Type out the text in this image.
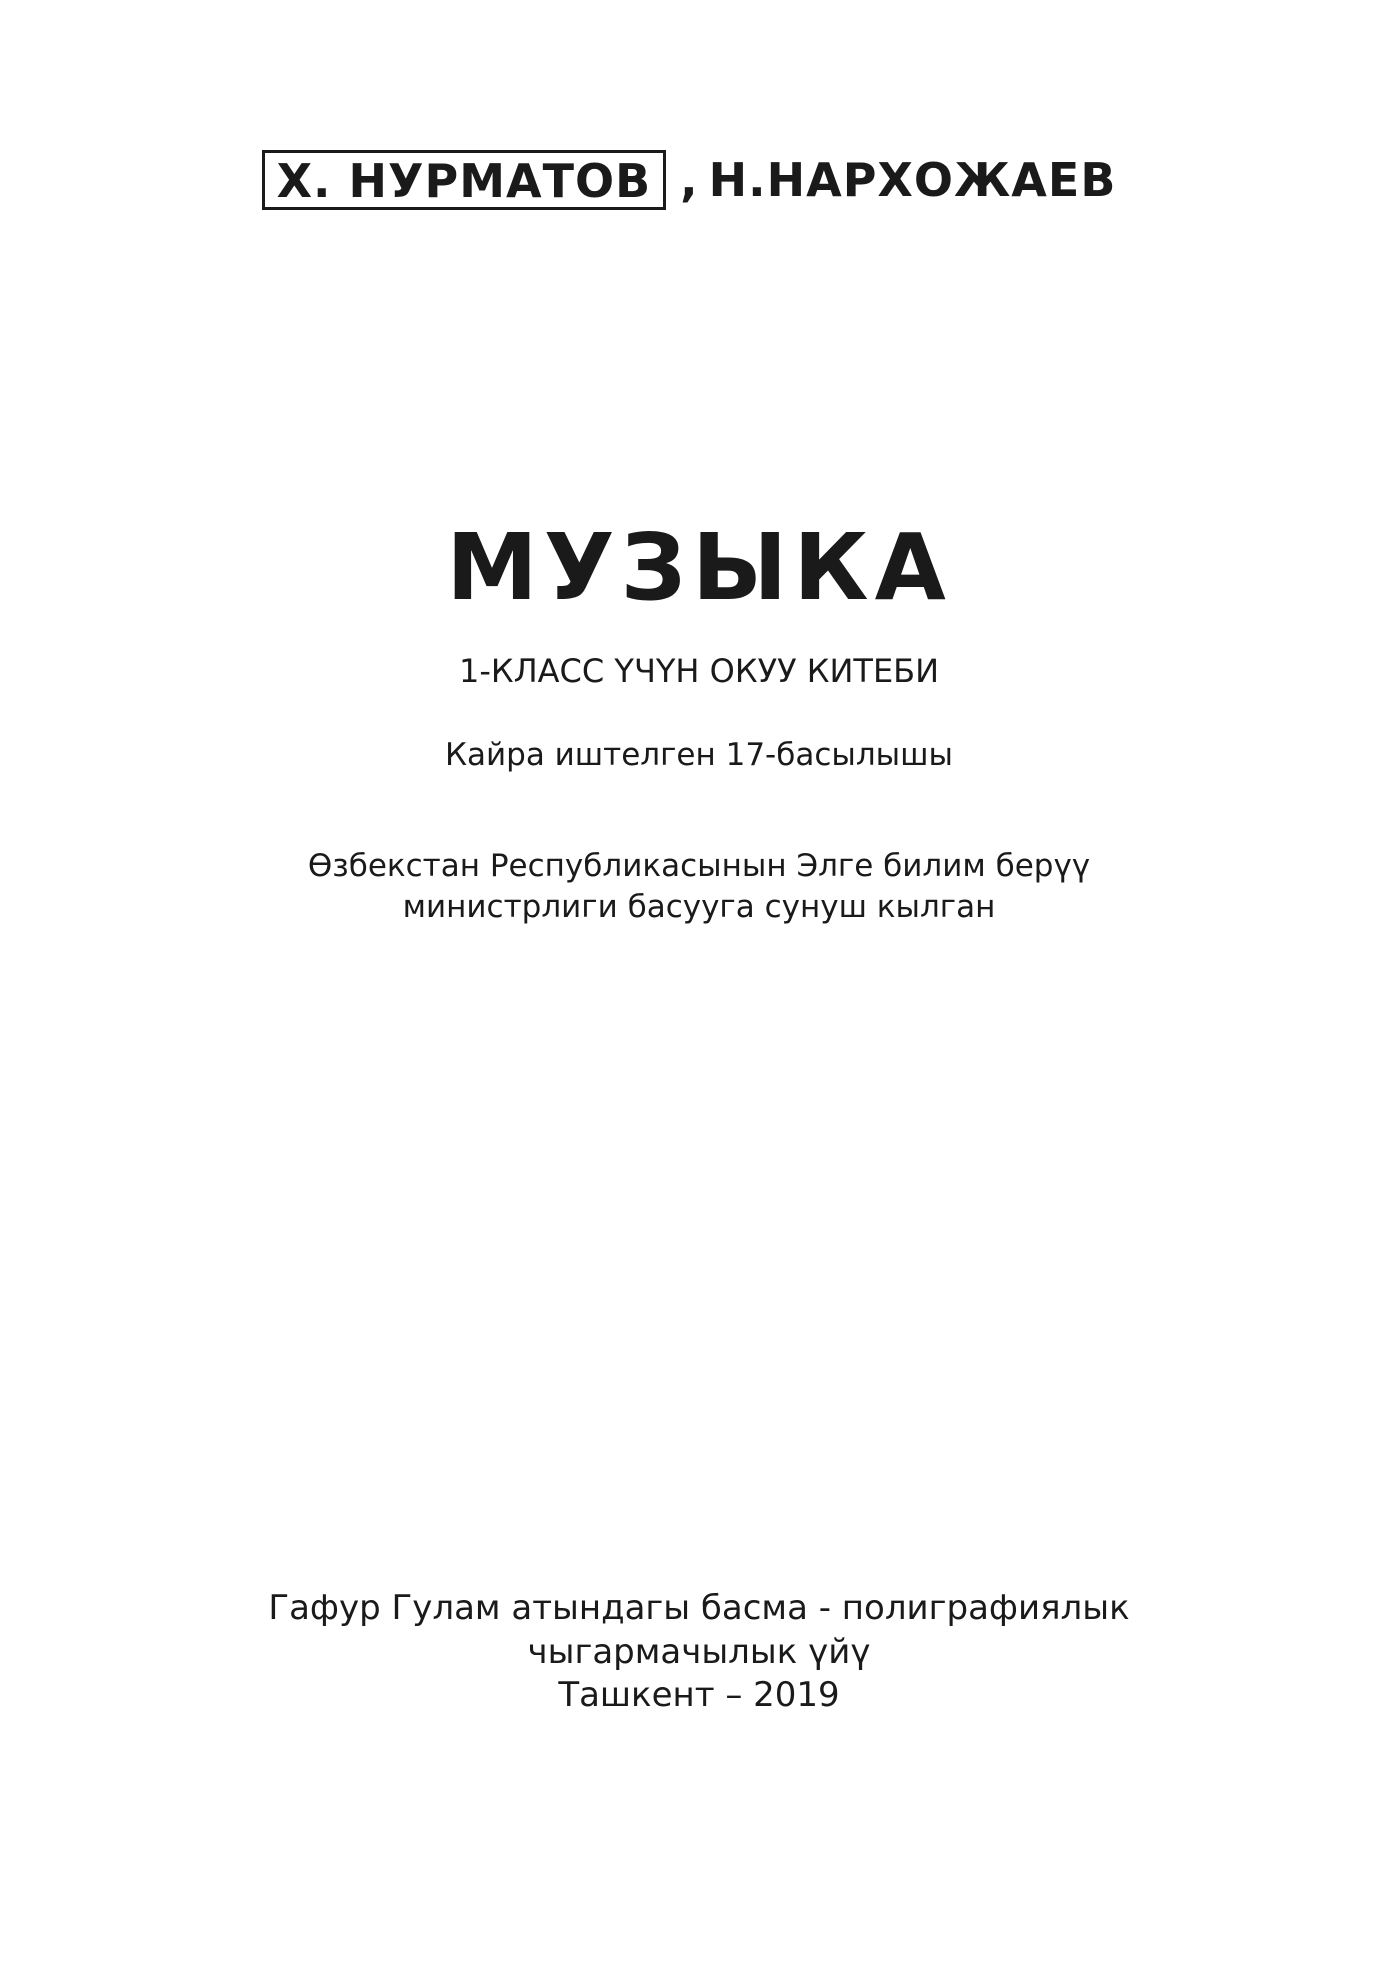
Х. НУРМАТОВ , Н.НАРХОЖАЕВ
МУЗЫКА
1-КЛАСС ҮЧҮН ОКУУ КИТЕБИ
Кайра иштелген 17-басылышы
Өзбекстан Республикасынын Элге билим берүү
министрлиги басууга сунуш кылган
Гафур Гулам атындагы басма - полиграфиялык
чыгармачылык үйү
Ташкент – 2019
